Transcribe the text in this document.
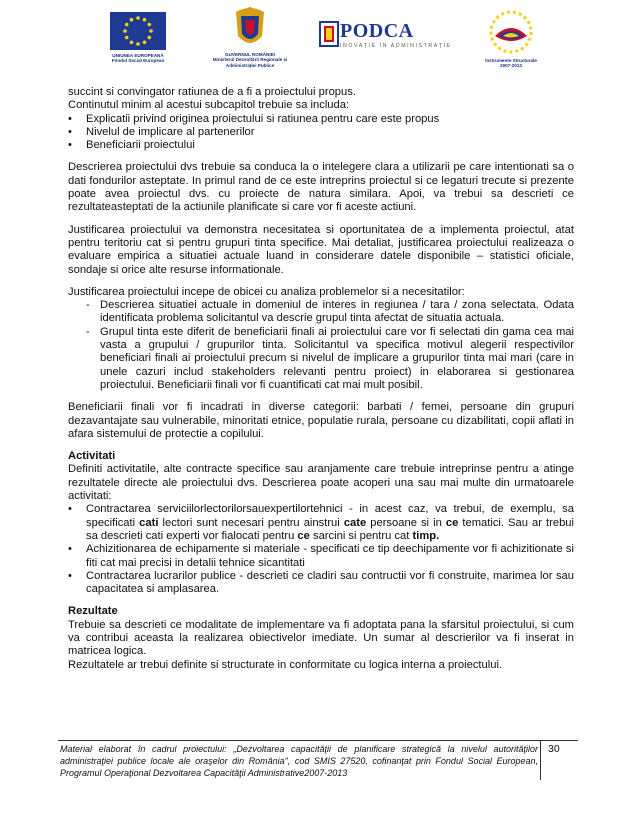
UNIUNEA EUROPEANĂ
Fondul Social European
GUVERNUL ROMÂNIEI
Ministerul Dezvoltării Regionale și
Administrației Publice
PODCA
INOVAȚIE ÎN ADMINISTRAȚIE
Instrumente Structurale
2007-2013

succint si convingator ratiunea de a fi a proiectului propus.

Continutul minim al acestui subcapitol trebuie sa includa:

•	Explicatii privind originea proiectului si ratiunea pentru care este propus
•	Nivelul de implicare al partenerilor
•	Beneficiarii proiectului

Descrierea proiectului dvs trebuie sa conduca la o intelegere clara a utilizarii pe care intentionati sa o dati fondurilor asteptate. In primul rand de ce este intreprins proiectul si ce legaturi trecute si prezente poate avea proiectul dvs. cu proiecte de natura similara. Apoi, va trebui sa descrieti ce rezultateasteptati de la actiunile planificate si care vor fi aceste actiuni.

Justificarea proiectului va demonstra necesitatea si oportunitatea de a implementa proiectul, atat pentru teritoriu cat si pentru grupuri tinta specifice. Mai detaliat, justificarea proiectului realizeaza o evaluare empirica a situatiei actuale luand in considerare datele disponibile – statistici oficiale, sondaje si orice alte resurse informationale.

Justificarea proiectului incepe de obicei cu analiza problemelor si a necesitatilor:

- Descrierea situatiei actuale in domeniul de interes in regiunea / tara / zona selectata. Odata identificata problema solicitantul va descrie grupul tinta afectat de situatia actuala.
- Grupul tinta este diferit de beneficiarii finali ai proiectului care vor fi selectati din gama cea mai vasta a grupului / grupurilor tinta. Solicitantul va specifica motivul alegerii respectivilor beneficiari finali ai proiectului precum si nivelul de implicare a grupurilor tinta mai mari (care in unele cazuri includ stakeholders relevanti pentru proiect) in elaborarea si gestionarea proiectului. Beneficiarii finali vor fi cuantificati cat mai mult posibil.

Beneficiarii finali vor fi incadrati in diverse categorii: barbati / femei, persoane din grupuri dezavantajate sau vulnerabile, minoritati etnice, populatie rurala, persoane cu dizabilitati, copii aflati in afara sistemului de protectie a copilului.

Activitati

Definiti activitatile, alte contracte specifice sau aranjamente care trebuie intreprinse pentru a atinge rezultatele directe ale proiectului dvs. Descrierea poate acoperi una sau mai multe din urmatoarele activitati:

•	Contractarea serviciilorlectorilorsauexpertilortehnici - in acest caz, va trebui, de exemplu, sa specificati cati lectori sunt necesari pentru ainstrui cate persoane si in ce tematici. Sau ar trebui sa descrieti cati experti vor fialocati pentru ce sarcini si pentru cat timp.
•	Achizitionarea de echipamente si materiale - specificati ce tip deechipamente vor fi achizitionate si fiti cat mai precisi in detalii tehnice sicantitati
•	Contractarea lucrarilor publice - descrieti ce cladiri sau contructii vor fi construite, marimea lor sau capacitatea si amplasarea.

Rezultate

Trebuie sa descrieti ce modalitate de implementare va fi adoptata pana la sfarsitul proiectului, si cum va contribui aceasta la realizarea obiectivelor imediate. Un sumar al descrierilor va fi inserat in matricea logica.

Rezultatele ar trebui definite si structurate in conformitate cu logica interna a proiectului.

Material elaborat în cadrul proiectului: „Dezvoltarea capacităţii de planificare strategică la nivelul autorităţilor administraţiei publice locale ale oraşelor din România", cod SMIS 27520, cofinanţat prin Fondul Social European, Programul Operaţional Dezvoltarea Capacităţii Administrative2007-2013
30
